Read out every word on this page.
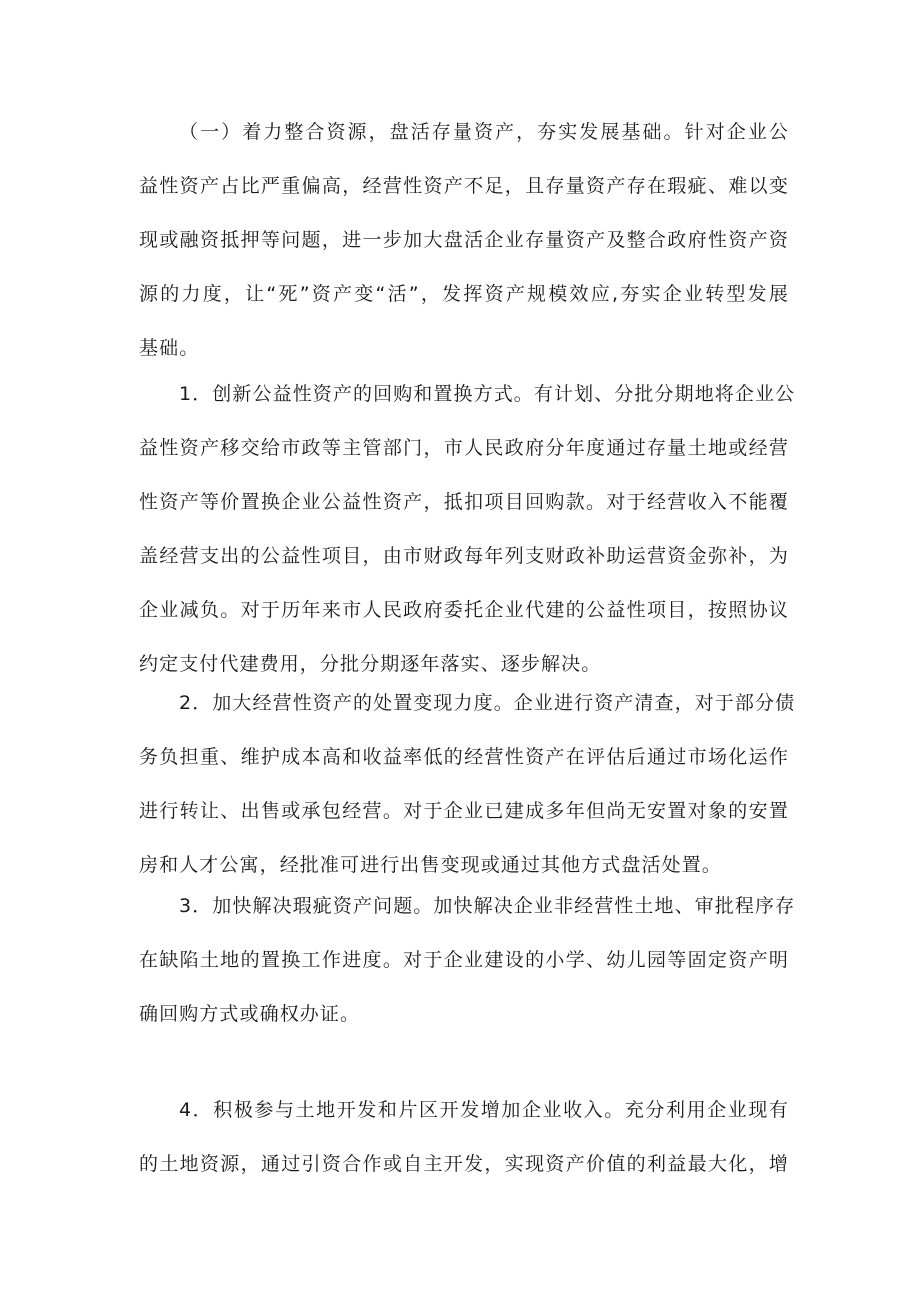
（一）着力整合资源，盘活存量资产，夯实发展基础。针对企业公
益性资产占比严重偏高，经营性资产不足，且存量资产存在瑕疵、难以变
现或融资抵押等问题，进一步加大盘活企业存量资产及整合政府性资产资
源的力度，让“死”资产变“活”，发挥资产规模效应,夯实企业转型发展
基础。
1．创新公益性资产的回购和置换方式。有计划、分批分期地将企业公
益性资产移交给市政等主管部门，市人民政府分年度通过存量土地或经营
性资产等价置换企业公益性资产，抵扣项目回购款。对于经营收入不能覆
盖经营支出的公益性项目，由市财政每年列支财政补助运营资金弥补，为
企业减负。对于历年来市人民政府委托企业代建的公益性项目，按照协议
约定支付代建费用，分批分期逐年落实、逐步解决。
2．加大经营性资产的处置变现力度。企业进行资产清查，对于部分债
务负担重、维护成本高和收益率低的经营性资产在评估后通过市场化运作
进行转让、出售或承包经营。对于企业已建成多年但尚无安置对象的安置
房和人才公寓，经批准可进行出售变现或通过其他方式盘活处置。
3．加快解决瑕疵资产问题。加快解决企业非经营性土地、审批程序存
在缺陷土地的置换工作进度。对于企业建设的小学、幼儿园等固定资产明
确回购方式或确权办证。
4．积极参与土地开发和片区开发增加企业收入。充分利用企业现有
的土地资源，通过引资合作或自主开发，实现资产价值的利益最大化，增
